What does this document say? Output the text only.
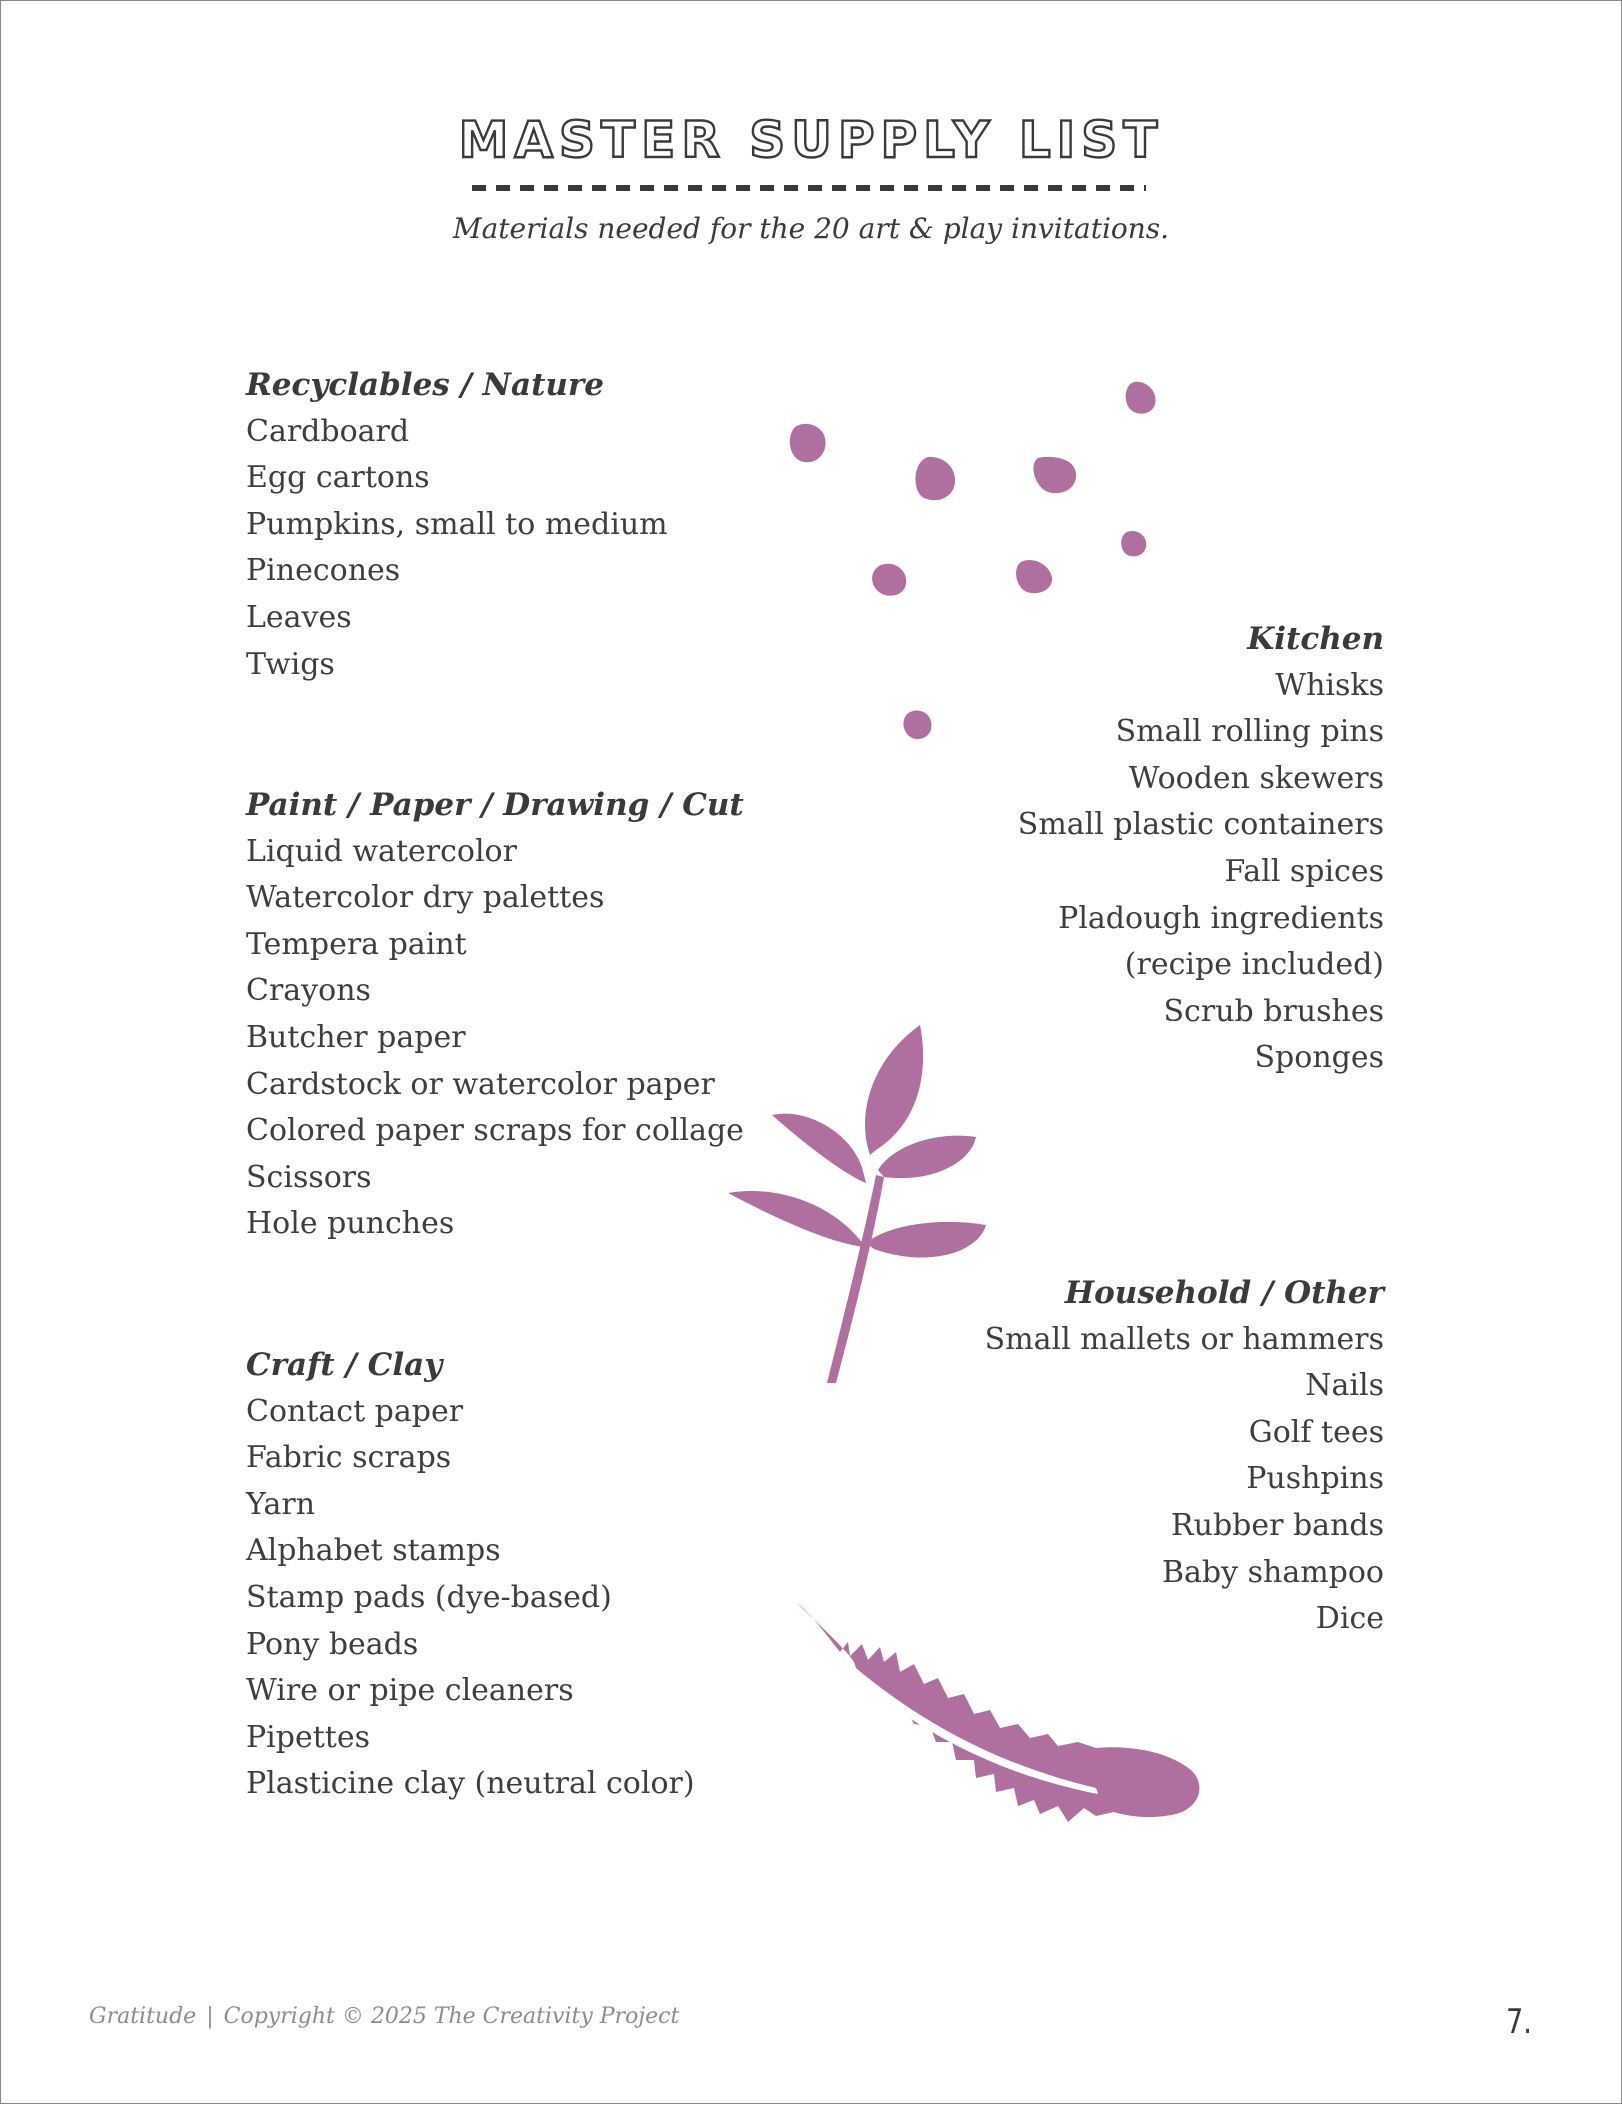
MASTER SUPPLY LIST
Materials needed for the 20 art & play invitations.
Recyclables / Nature
Cardboard
Egg cartons
Pumpkins, small to medium
Pinecones
Leaves
Twigs
Paint / Paper / Drawing / Cut
Liquid watercolor
Watercolor dry palettes
Tempera paint
Crayons
Butcher paper
Cardstock or watercolor paper
Colored paper scraps for collage
Scissors
Hole punches
Craft / Clay
Contact paper
Fabric scraps
Yarn
Alphabet stamps
Stamp pads (dye-based)
Pony beads
Wire or pipe cleaners
Pipettes
Plasticine clay (neutral color)
Kitchen
Whisks
Small rolling pins
Wooden skewers
Small plastic containers
Fall spices
Pladough ingredients (recipe included)
Scrub brushes
Sponges
Household / Other
Small mallets or hammers
Nails
Golf tees
Pushpins
Rubber bands
Baby shampoo
Dice
Gratitude | Copyright © 2025 The Creativity Project	7.
